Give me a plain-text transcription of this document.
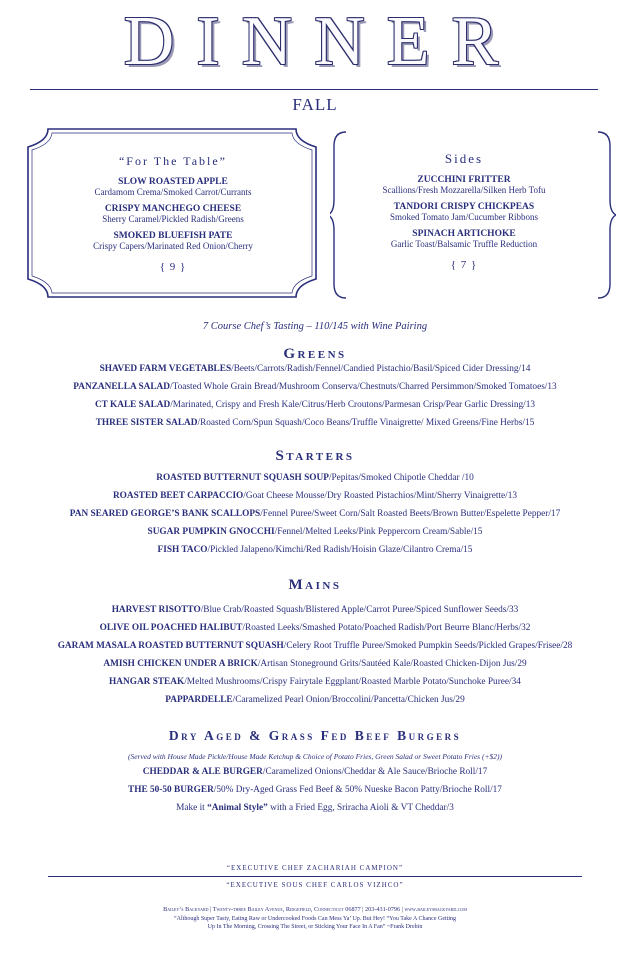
DINNER
FALL
“For The Table”
SLOW ROASTED APPLE
Cardamom Crema/Smoked Carrot/Currants
CRISPY MANCHEGO CHEESE
Sherry Caramel/Pickled Radish/Greens
SMOKED BLUEFISH PATE
Crispy Capers/Marinated Red Onion/Cherry
{ 9 }
Sides
ZUCCHINI FRITTER
Scallions/Fresh Mozzarella/Silken Herb Tofu
TANDORI CRISPY CHICKPEAS
Smoked Tomato Jam/Cucumber Ribbons
SPINACH ARTICHOKE
Garlic Toast/Balsamic Truffle Reduction
{ 7 }
7 Course Chef’s Tasting – 110/145 with Wine Pairing
Greens
SHAVED FARM VEGETABLES/Beets/Carrots/Radish/Fennel/Candied Pistachio/Basil/Spiced Cider Dressing/14
PANZANELLA SALAD/Toasted Whole Grain Bread/Mushroom Conserva/Chestnuts/Charred Persimmon/Smoked Tomatoes/13
CT KALE SALAD/Marinated, Crispy and Fresh Kale/Citrus/Herb Croutons/Parmesan Crisp/Pear Garlic Dressing/13
THREE SISTER SALAD/Roasted Corn/Spun Squash/Coco Beans/Truffle Vinaigrette/ Mixed Greens/Fine Herbs/15
Starters
ROASTED BUTTERNUT SQUASH SOUP/Pepitas/Smoked Chipotle Cheddar /10
ROASTED BEET CARPACCIO/Goat Cheese Mousse/Dry Roasted Pistachios/Mint/Sherry Vinaigrette/13
PAN SEARED GEORGE’S BANK SCALLOPS/Fennel Puree/Sweet Corn/Salt Roasted Beets/Brown Butter/Espelette Pepper/17
SUGAR PUMPKIN GNOCCHI/Fennel/Melted Leeks/Pink Peppercorn Cream/Sable/15
FISH TACO/Pickled Jalapeno/Kimchi/Red Radish/Hoisin Glaze/Cilantro Crema/15
Mains
HARVEST RISOTTO/Blue Crab/Roasted Squash/Blistered Apple/Carrot Puree/Spiced Sunflower Seeds/33
OLIVE OIL POACHED HALIBUT/Roasted Leeks/Smashed Potato/Poached Radish/Port Beurre Blanc/Herbs/32
GARAM MASALA ROASTED BUTTERNUT SQUASH/Celery Root Truffle Puree/Smoked Pumpkin Seeds/Pickled Grapes/Frisee/28
AMISH CHICKEN UNDER A BRICK/Artisan Stoneground Grits/Sautéed Kale/Roasted Chicken-Dijon Jus/29
HANGAR STEAK/Melted Mushrooms/Crispy Fairytale Eggplant/Roasted Marble Potato/Sunchoke Puree/34
PAPPARDELLE/Caramelized Pearl Onion/Broccolini/Pancetta/Chicken Jus/29
Dry Aged & Grass Fed Beef Burgers
(Served with House Made Pickle/House Made Ketchup & Choice of Potato Fries, Green Salad or Sweet Potato Fries (+$2))
CHEDDAR & ALE BURGER/Caramelized Onions/Cheddar & Ale Sauce/Brioche Roll/17
THE 50-50 BURGER/50% Dry-Aged Grass Fed Beef & 50% Nueske Bacon Patty/Brioche Roll/17
Make it “Animal Style” with a Fried Egg, Sriracha Aioli & VT Cheddar/3
“EXECUTIVE CHEF ZACHARIAH CAMPION”
“EXECUTIVE SOUS CHEF CARLOS VIZHCO”
Bailey’s Backyard | Twenty-three Bailey Avenue, Ridgefield, Connecticut 06877 | 203-431-0796 | www.baileysbackyard.com
“Although Super Tasty, Eating Raw or Undercooked Foods Can Mess Ya’ Up. But Hey! “You Take A Chance Getting
Up In The Morning, Crossing The Street, or Sticking Your Face In A Fan” ~Frank Drebin
